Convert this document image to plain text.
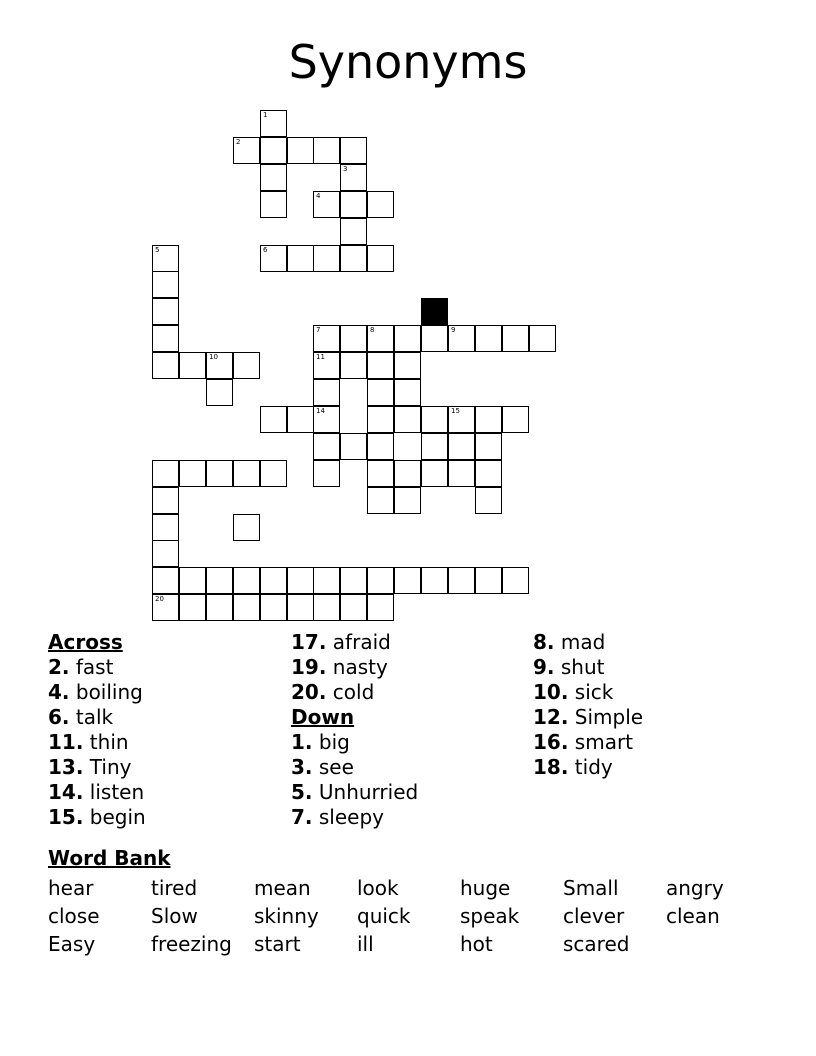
Synonyms
1
2
3
4
5	6
7	8	9
10	11
14	15
20
Across
2. fast
4. boiling
6. talk
11. thin
13. Tiny
14. listen
15. begin
17. afraid
19. nasty
20. cold
Down
1. big
3. see
5. Unhurried
7. sleepy
8. mad
9. shut
10. sick
12. Simple
16. smart
18. tidy
Word Bank
hear	tired	mean look	huge	Small angry
close	Slow	skinny quick speak clever clean
Easy	freezing start	ill	hot	scared
